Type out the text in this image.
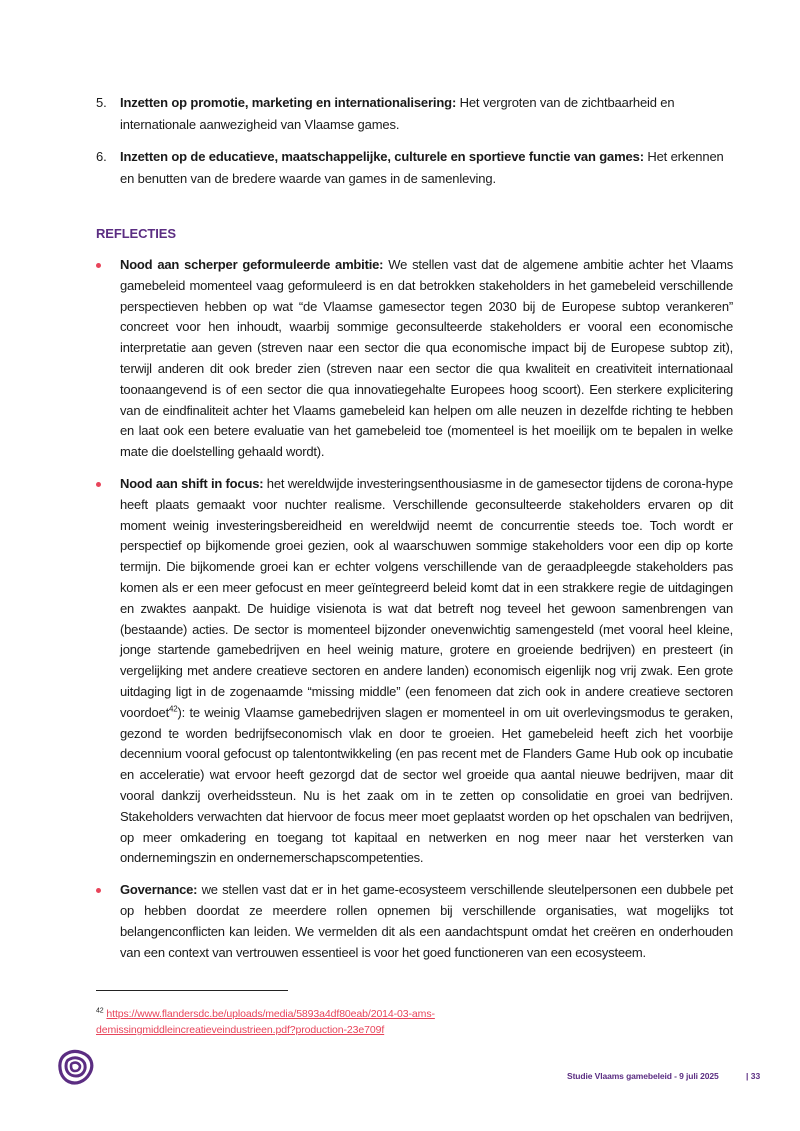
5. Inzetten op promotie, marketing en internationalisering: Het vergroten van de zichtbaarheid en internationale aanwezigheid van Vlaamse games.
6. Inzetten op de educatieve, maatschappelijke, culturele en sportieve functie van games: Het erkennen en benutten van de bredere waarde van games in de samenleving.
REFLECTIES
Nood aan scherper geformuleerde ambitie: We stellen vast dat de algemene ambitie achter het Vlaams gamebeleid momenteel vaag geformuleerd is en dat betrokken stakeholders in het gamebeleid verschillende perspectieven hebben op wat “de Vlaamse gamesector tegen 2030 bij de Europese subtop verankeren” concreet voor hen inhoudt, waarbij sommige geconsulteerde stakeholders er vooral een economische interpretatie aan geven (streven naar een sector die qua economische impact bij de Europese subtop zit), terwijl anderen dit ook breder zien (streven naar een sector die qua kwaliteit en creativiteit internationaal toonaangevend is of een sector die qua innovatiegehalte Europees hoog scoort). Een sterkere explicitering van de eindfinaliteit achter het Vlaams gamebeleid kan helpen om alle neuzen in dezelfde richting te hebben en laat ook een betere evaluatie van het gamebeleid toe (momenteel is het moeilijk om te bepalen in welke mate die doelstelling gehaald wordt).
Nood aan shift in focus: het wereldwijde investeringsenthousiasme in de gamesector tijdens de corona-hype heeft plaats gemaakt voor nuchter realisme. Verschillende geconsulteerde stakeholders ervaren op dit moment weinig investeringsbereidheid en wereldwijd neemt de concurrentie steeds toe. Toch wordt er perspectief op bijkomende groei gezien, ook al waarschuwen sommige stakeholders voor een dip op korte termijn. Die bijkomende groei kan er echter volgens verschillende van de geraadpleegde stakeholders pas komen als er een meer gefocust en meer geïntegreerd beleid komt dat in een strakkere regie de uitdagingen en zwaktes aanpakt. De huidige visienota is wat dat betreft nog teveel het gewoon samenbrengen van (bestaande) acties. De sector is momenteel bijzonder onevenwichtig samengesteld (met vooral heel kleine, jonge startende gamebedrijven en heel weinig mature, grotere en groeiende bedrijven) en presteert (in vergelijking met andere creatieve sectoren en andere landen) economisch eigenlijk nog vrij zwak. Een grote uitdaging ligt in de zogenaamde “missing middle” (een fenomeen dat zich ook in andere creatieve sectoren voordoet$^{42}$): te weinig Vlaamse gamebedrijven slagen er momenteel in om uit overlevingsmodus te geraken, gezond te worden bedrijfseconomisch vlak en door te groeien. Het gamebeleid heeft zich het voorbije decennium vooral gefocust op talentontwikkeling (en pas recent met de Flanders Game Hub ook op incubatie en acceleratie) wat ervoor heeft gezorgd dat de sector wel groeide qua aantal nieuwe bedrijven, maar dit vooral dankzij overheidssteun. Nu is het zaak om in te zetten op consolidatie en groei van bedrijven. Stakeholders verwachten dat hiervoor de focus meer moet geplaatst worden op het opschalen van bedrijven, op meer omkadering en toegang tot kapitaal en netwerken en nog meer naar het versterken van ondernemingszin en ondernemerschapscompetenties.
Governance: we stellen vast dat er in het game-ecosysteem verschillende sleutelpersonen een dubbele pet op hebben doordat ze meerdere rollen opnemen bij verschillende organisaties, wat mogelijks tot belangenconflicten kan leiden. We vermelden dit als een aandachtspunt omdat het creëren en onderhouden van een context van vertrouwen essentieel is voor het goed functioneren van een ecosysteem.
$^{42}$ https://www.flandersdc.be/uploads/media/5893a4df80eab/2014-03-ams-demissingmiddleincreatieveindustrieen.pdf?production-23e709f
Studie Vlaams gamebeleid - 9 juli 2025	| 33
